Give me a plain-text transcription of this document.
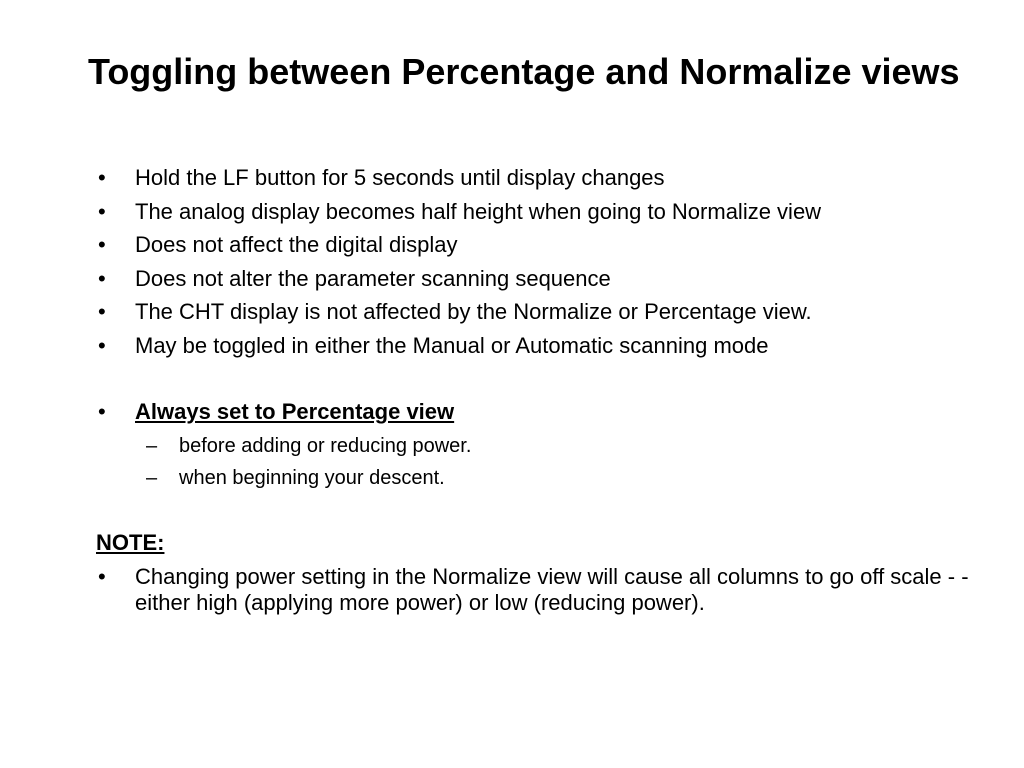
Toggling between Percentage and Normalize views
• Hold the LF button for 5 seconds until display changes
• The analog display becomes half height when going to Normalize view
• Does not affect the digital display
• Does not alter the parameter scanning sequence
• The CHT display is not affected by the Normalize or Percentage view.
• May be toggled in either the Manual or Automatic scanning mode
• Always set to Percentage view
– before adding or reducing power.
– when beginning your descent.
NOTE:
• Changing power setting in the Normalize view will cause all columns to go off scale - - either high (applying more power) or low (reducing power).
